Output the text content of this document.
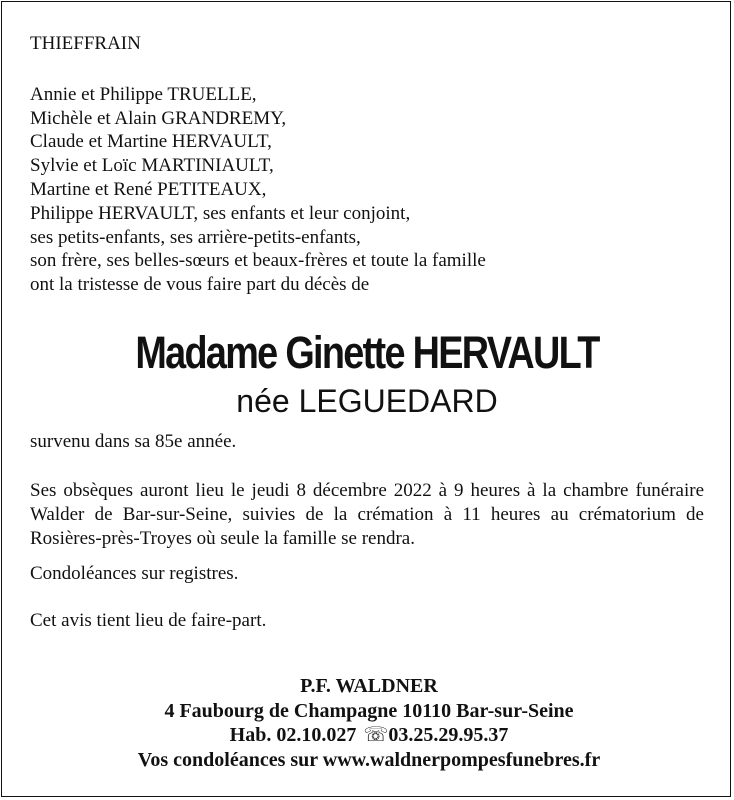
THIEFFRAIN
Annie et Philippe TRUELLE,
Michèle et Alain GRANDREMY,
Claude et Martine HERVAULT,
Sylvie et Loïc MARTINIAULT,
Martine et René PETITEAUX,
Philippe HERVAULT, ses enfants et leur conjoint,
ses petits-enfants, ses arrière-petits-enfants,
son frère, ses belles-sœurs et beaux-frères et toute la famille
ont la tristesse de vous faire part du décès de
Madame Ginette HERVAULT
née LEGUEDARD
survenu dans sa 85e année.
Ses obsèques auront lieu le jeudi 8 décembre 2022 à 9 heures à la chambre funéraire Walder de Bar-sur-Seine, suivies de la crémation à 11 heures au crématorium de Rosières-près-Troyes où seule la famille se rendra.
Condoléances sur registres.
Cet avis tient lieu de faire-part.
P.F. WALDNER
4 Faubourg de Champagne 10110 Bar-sur-Seine
Hab. 02.10.027 ☏03.25.29.95.37
Vos condoléances sur www.waldnerpompesfunebres.fr
